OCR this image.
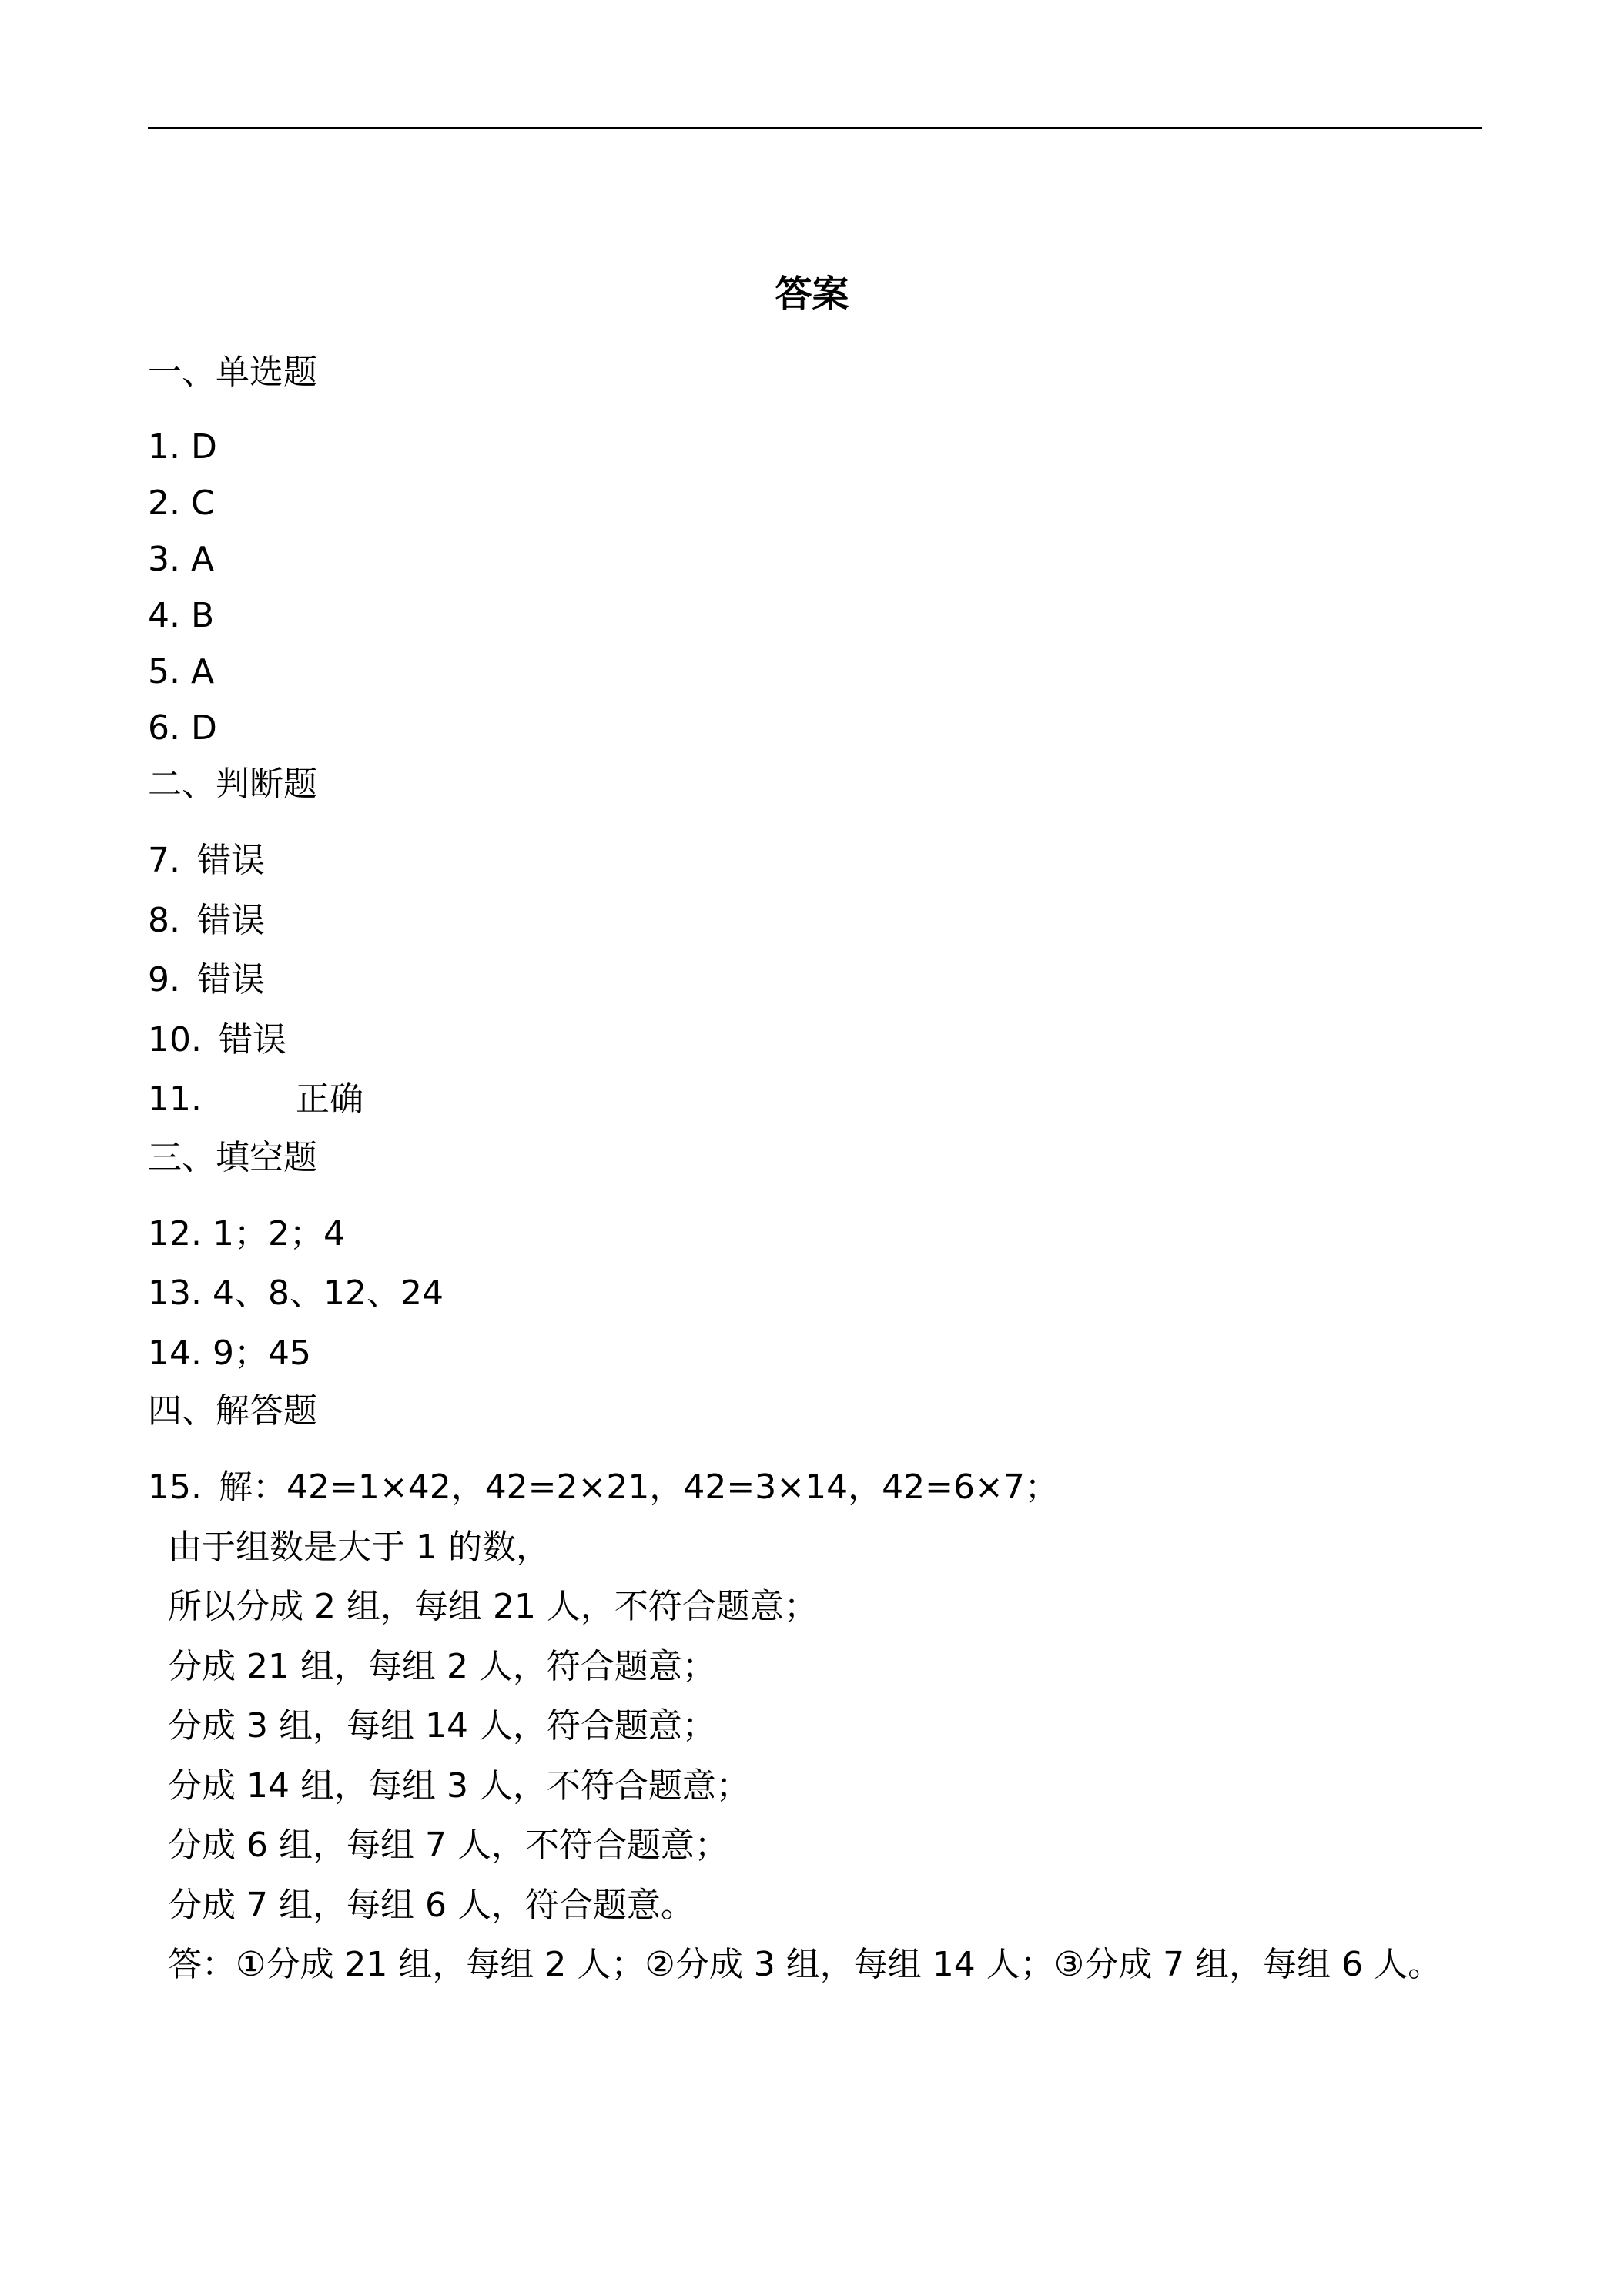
答案
一、单选题
1. D
2. C
3. A
4. B
5. A
6. D
二、判断题
7. 错误
8. 错误
9. 错误
10. 错误
11.	正确
三、填空题
12. 1；2；4
13. 4、8、12、24
14. 9；45
四、解答题
15. 解：42=1×42，42=2×21，42=3×14，42=6×7；
由于组数是大于 1 的数，
所以分成 2 组，每组 21 人，不符合题意；
分成 21 组，每组 2 人，符合题意；
分成 3 组，每组 14 人，符合题意；
分成 14 组，每组 3 人，不符合题意；
分成 6 组，每组 7 人，不符合题意；
分成 7 组，每组 6 人，符合题意。
答：①分成 21 组，每组 2 人；②分成 3 组，每组 14 人；③分成 7 组，每组 6 人。
